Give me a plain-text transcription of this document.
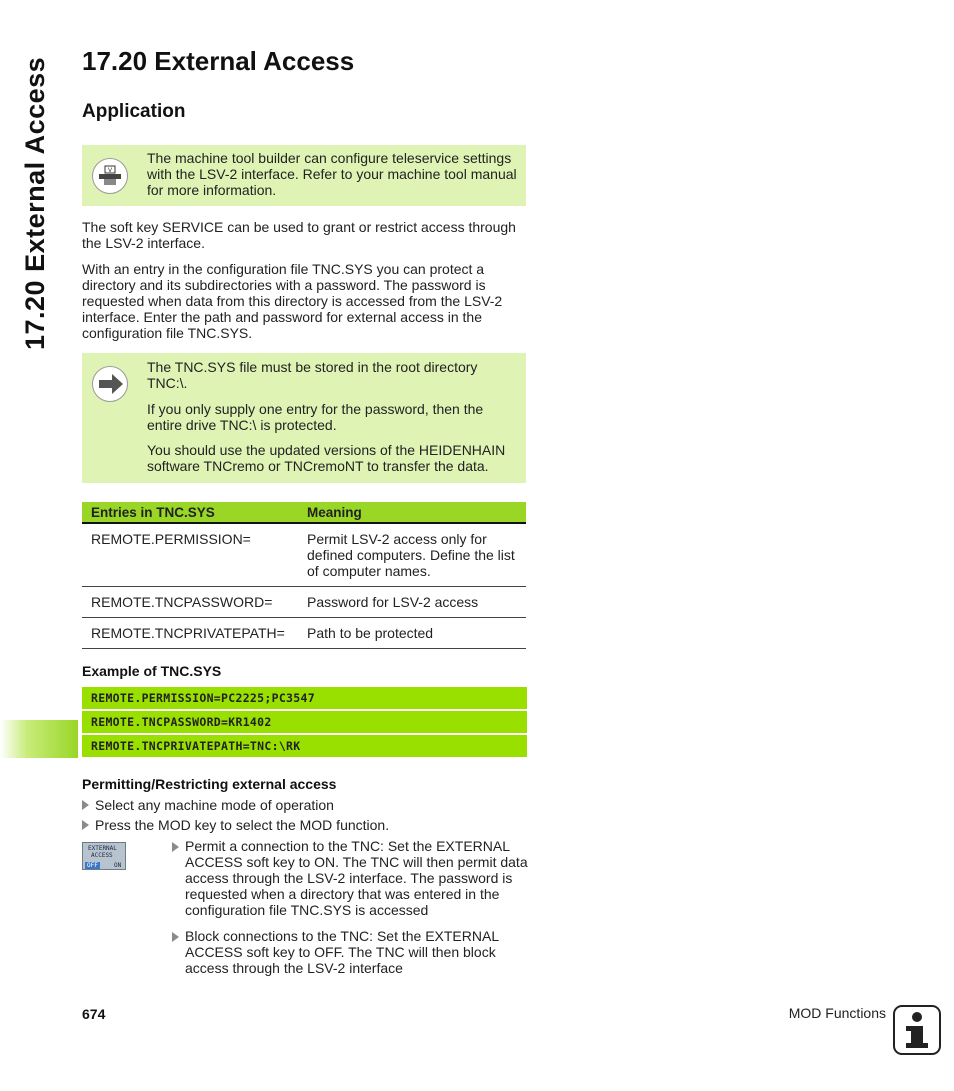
17.20 External Access 17.20 External Access
Application
V
The machine tool builder can configure teleservice settings with the LSV-2 interface. Refer to your machine tool manual for more information.
The soft key SERVICE can be used to grant or restrict access through the LSV-2 interface.
With an entry in the configuration file TNC.SYS you can protect a directory and its subdirectories with a password. The password is requested when data from this directory is accessed from the LSV-2 interface. Enter the path and password for external access in the configuration file TNC.SYS.
The TNC.SYS file must be stored in the root directory TNC:\.
If you only supply one entry for the password, then the entire drive TNC:\ is protected.
You should use the updated versions of the HEIDENHAIN software TNCremo or TNCremoNT to transfer the data.
Entries in TNC.SYS	Meaning
REMOTE.PERMISSION=	Permit LSV-2 access only for defined computers. Define the list of computer names.
REMOTE.TNCPASSWORD=	Password for LSV-2 access
REMOTE.TNCPRIVATEPATH=	Path to be protected
Example of TNC.SYS
REMOTE.PERMISSION=PC2225;PC3547
REMOTE.TNCPASSWORD=KR1402
REMOTE.TNCPRIVATEPATH=TNC:\RK
Permitting/Restricting external access
Select any machine mode of operation
Press the MOD key to select the MOD function.
EXTERNAL
ACCESS
OFF	ON
Permit a connection to the TNC: Set the EXTERNAL ACCESS soft key to ON. The TNC will then permit data access through the LSV-2 interface. The password is requested when a directory that was entered in the configuration file TNC.SYS is accessed
Block connections to the TNC: Set the EXTERNAL ACCESS soft key to OFF. The TNC will then block access through the LSV-2 interface
674	MOD Functions
